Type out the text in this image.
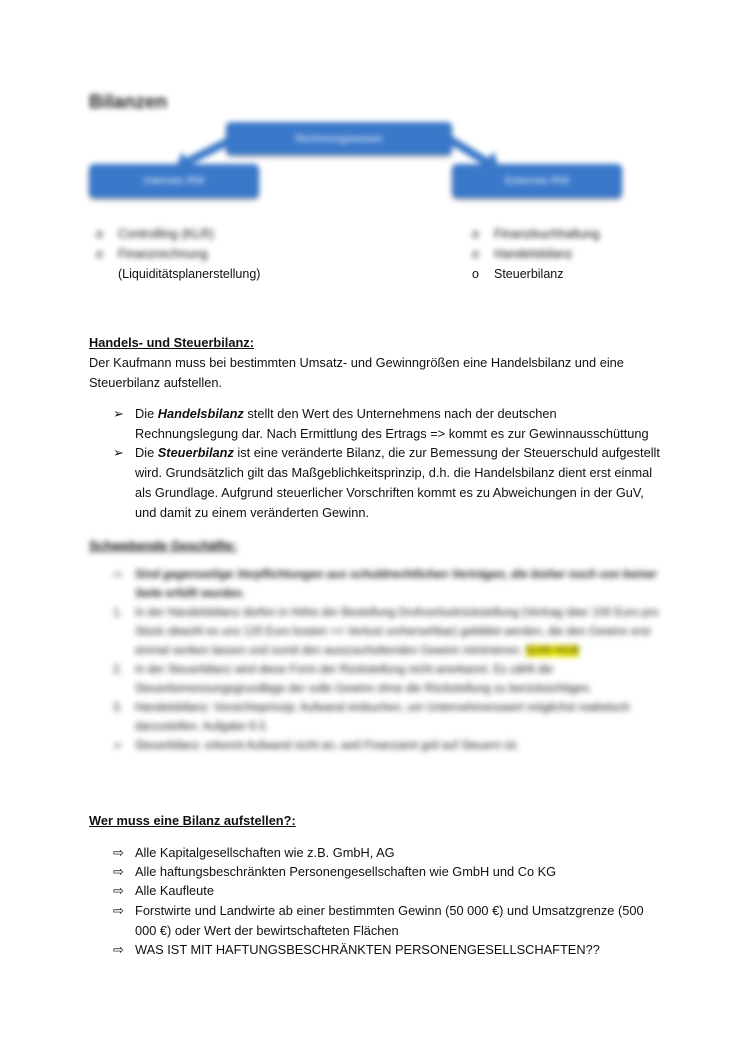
Bilanzen
Rechnungswesen
Internes RW	Externes RW
o	Controlling (KLR)
o	Finanzrechnung
(Liquiditätsplanerstellung)
o	Finanzbuchhaltung
o	Handelsbilanz
o	Steuerbilanz
Handels- und Steuerbilanz:
Der Kaufmann muss bei bestimmten Umsatz- und Gewinngrößen eine Handelsbilanz und eine Steuerbilanz aufstellen.
➢ Die Handelsbilanz stellt den Wert des Unternehmens nach der deutschen Rechnungslegung dar. Nach Ermittlung des Ertrags => kommt es zur Gewinnausschüttung
➢ Die Steuerbilanz ist eine veränderte Bilanz, die zur Bemessung der Steuerschuld aufgestellt wird. Grundsätzlich gilt das Maßgeblichkeitsprinzip, d.h. die Handelsbilanz dient erst einmal als Grundlage. Aufgrund steuerlicher Vorschriften kommt es zu Abweichungen in der GuV, und damit zu einem veränderten Gewinn.
Schwebende Geschäfte:
⇨ Sind gegenseitige Verpflichtungen aus schuldrechtlichen Verträgen, die bisher noch von keiner Seite erfüllt wurden.
1. In der Handelsbilanz dürfen in Höhe der Bestellung Drohverlustrückstellung (Vertrag über 100 Euro pro Stück obwohl es uns 120 Euro kosten => Verlust vorhersehbar) gebildet werden, die den Gewinn erst einmal senken lassen und somit den auszuschüttenden Gewinn minimieren. §249 HGB
2. In der Steuerbilanz wird diese Form der Rückstellung nicht anerkannt. Es zählt die Steuerbemessungsgrundlage der volle Gewinn ohne die Rückstellung zu berücksichtigen.
3. Handelsbilanz: Vorsichtsprinzip: Aufwand einbuchen, um Unternehmenswert möglichst realistisch darzustellen. Aufgabe 9.3.
➢ Steuerbilanz: erkennt Aufwand nicht an, weil Finanzamt geil auf Steuern ist.
Wer muss eine Bilanz aufstellen?:
⇨ Alle Kapitalgesellschaften wie z.B. GmbH, AG
⇨ Alle haftungsbeschränkten Personengesellschaften wie GmbH und Co KG
⇨ Alle Kaufleute
⇨ Forstwirte und Landwirte ab einer bestimmten Gewinn (50 000 €) und Umsatzgrenze (500 000 €) oder Wert der bewirtschafteten Flächen
⇨ WAS IST MIT HAFTUNGSBESCHRÄNKTEN PERSONENGESELLSCHAFTEN??
